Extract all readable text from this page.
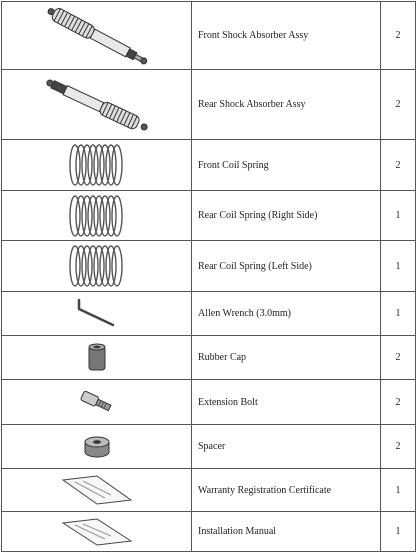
	Front Shock Absorber Assy	2

	Rear Shock Absorber Assy	2

	Front Coil Spring	2

	Rear Coil Spring (Right Side)	1

	Rear Coil Spring (Left Side)	1

	Allen Wrench (3.0mm)	1

	Rubber Cap	2

	Extension Bolt	2

	Spacer	2

	Warranty Registration Certificate	1

	Installation Manual	1
